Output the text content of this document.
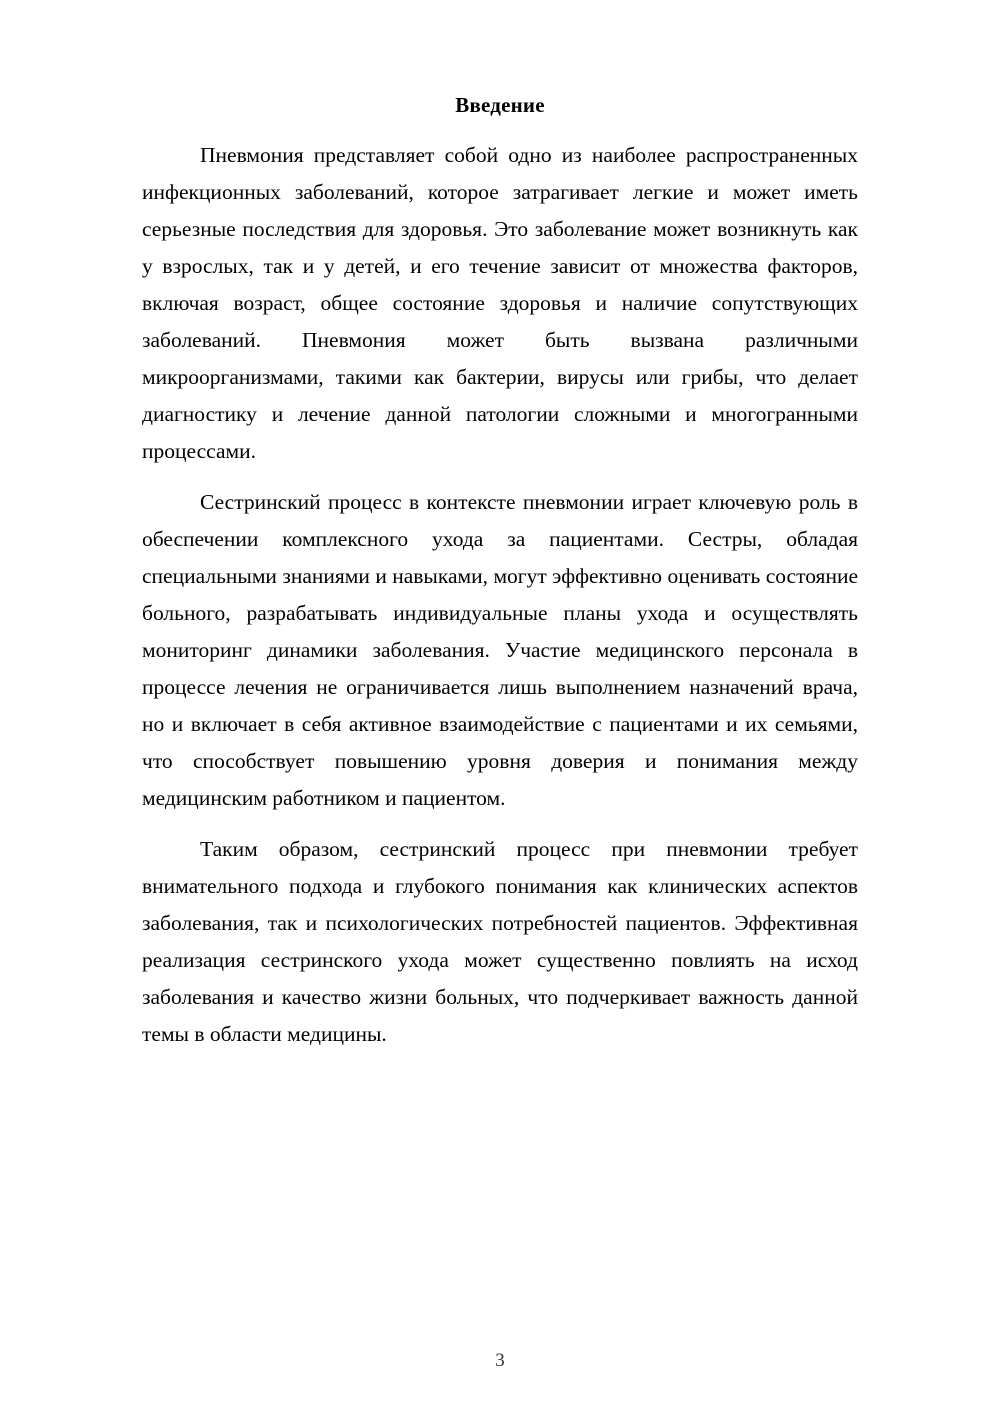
Введение

Пневмония представляет собой одно из наиболее распространенных инфекционных заболеваний, которое затрагивает легкие и может иметь серьезные последствия для здоровья. Это заболевание может возникнуть как у взрослых, так и у детей, и его течение зависит от множества факторов, включая возраст, общее состояние здоровья и наличие сопутствующих заболеваний. Пневмония может быть вызвана различными микроорганизмами, такими как бактерии, вирусы или грибы, что делает диагностику и лечение данной патологии сложными и многогранными процессами.

Сестринский процесс в контексте пневмонии играет ключевую роль в обеспечении комплексного ухода за пациентами. Сестры, обладая специальными знаниями и навыками, могут эффективно оценивать состояние больного, разрабатывать индивидуальные планы ухода и осуществлять мониторинг динамики заболевания. Участие медицинского персонала в процессе лечения не ограничивается лишь выполнением назначений врача, но и включает в себя активное взаимодействие с пациентами и их семьями, что способствует повышению уровня доверия и понимания между медицинским работником и пациентом.

Таким образом, сестринский процесс при пневмонии требует внимательного подхода и глубокого понимания как клинических аспектов заболевания, так и психологических потребностей пациентов. Эффективная реализация сестринского ухода может существенно повлиять на исход заболевания и качество жизни больных, что подчеркивает важность данной темы в области медицины.

3
